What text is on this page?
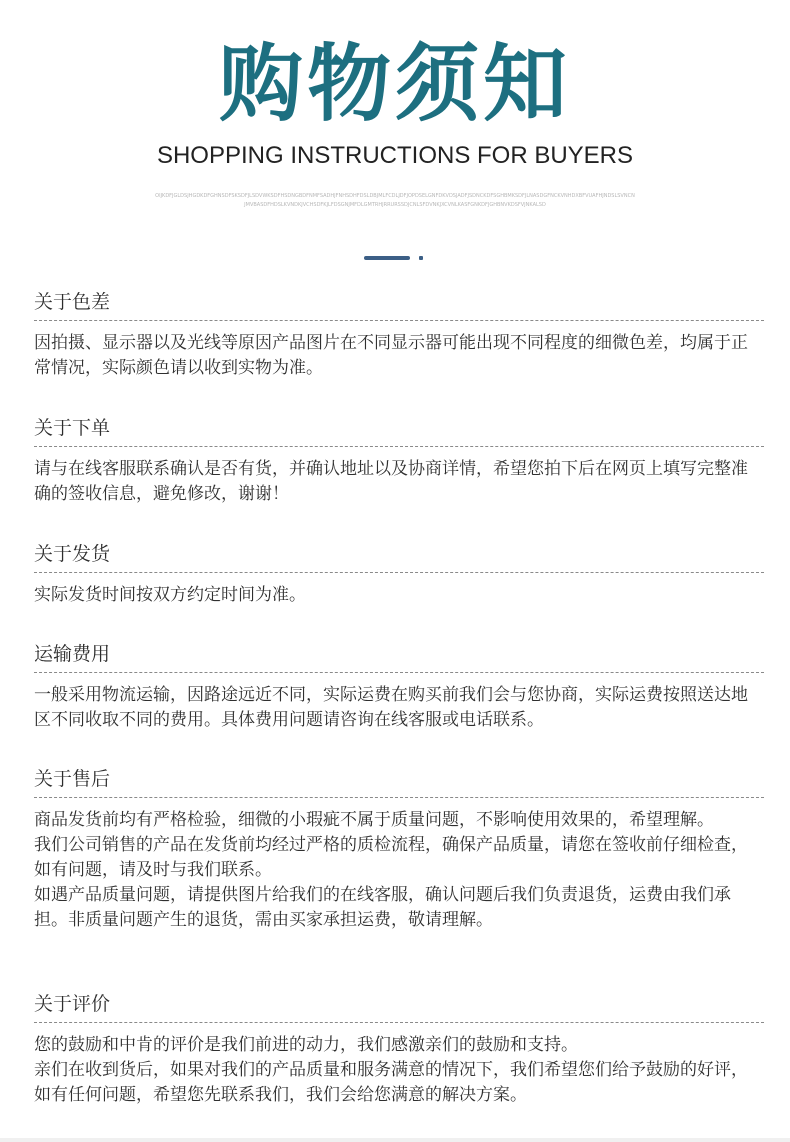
购物须知
SHOPPING INSTRUCTIONS FOR BUYERS
OIJKDFJGLDSJHGDKDFGHNSDFSKSDFJLSDVWKSDFHSDNGBDFNMFSADHJFNHSDHFDSLDBJMLFCDLJDFJOPDSELGNFDKVDSJADFJSDNCKDFSGHBMKSDFJLNASDGFNCKVNHDXBFVUAFHJNDSLSVNCNJMVBASDFHDSLKVNDKJVCHSDFKJLFDSGNJMFDLGMTRHJRRURSSDJCNLSFDVNKJXCVNLKASFGNKDFJGHBNVKDSFVJNKALSD
关于色差

因拍摄、显示器以及光线等原因产品图片在不同显示器可能出现不同程度的细微色差，均属于正常情况，实际颜色请以收到实物为准。

关于下单

请与在线客服联系确认是否有货，并确认地址以及协商详情，希望您拍下后在网页上填写完整准确的签收信息，避免修改，谢谢！

关于发货

实际发货时间按双方约定时间为准。

运输费用

一般采用物流运输，因路途远近不同，实际运费在购买前我们会与您协商，实际运费按照送达地区不同收取不同的费用。具体费用问题请咨询在线客服或电话联系。

关于售后

商品发货前均有严格检验，细微的小瑕疵不属于质量问题，不影响使用效果的，希望理解。

我们公司销售的产品在发货前均经过严格的质检流程，确保产品质量，请您在签收前仔细检查，如有问题，请及时与我们联系。

如遇产品质量问题，请提供图片给我们的在线客服，确认问题后我们负责退货，运费由我们承担。非质量问题产生的退货，需由买家承担运费，敬请理解。

关于评价

您的鼓励和中肯的评价是我们前进的动力，我们感激亲们的鼓励和支持。

亲们在收到货后，如果对我们的产品质量和服务满意的情况下，我们希望您们给予鼓励的好评，如有任何问题，希望您先联系我们，我们会给您满意的解决方案。
